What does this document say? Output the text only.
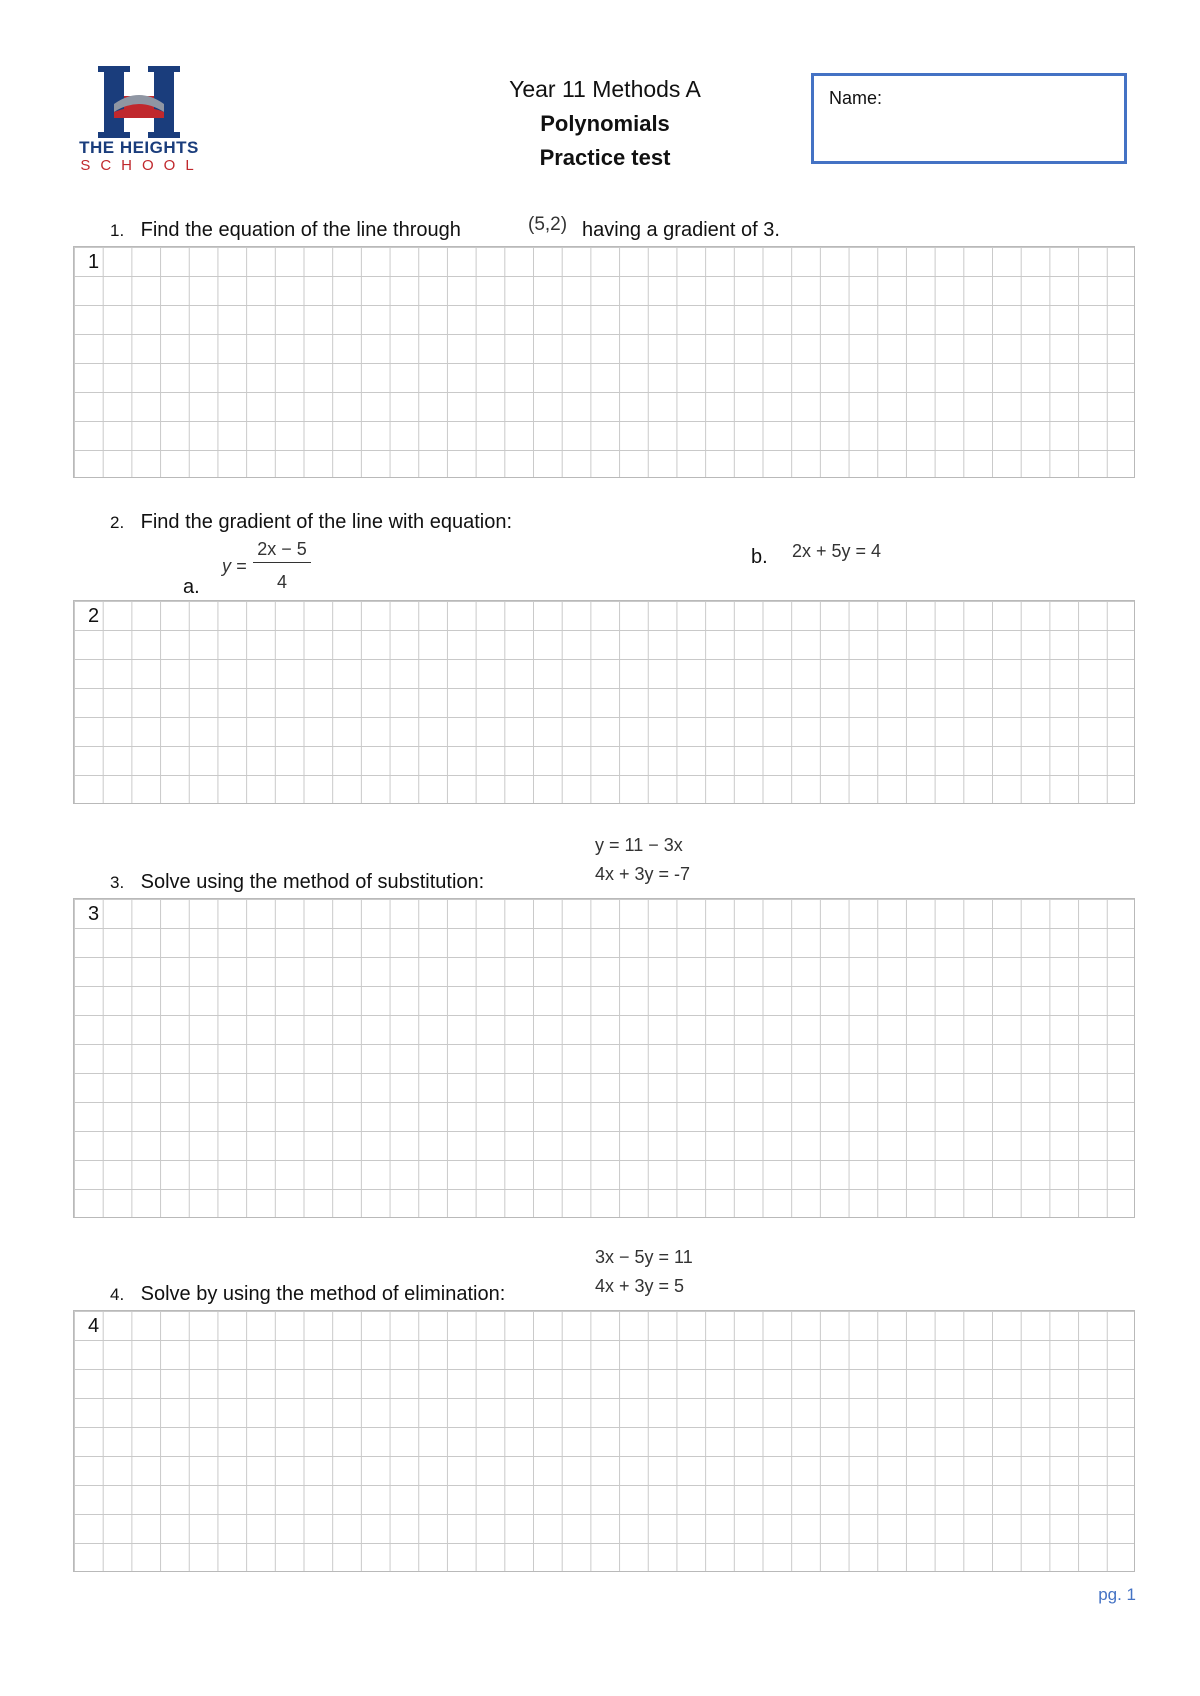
THE HEIGHTS
SCHOOL
Year 11 Methods A
Polynomials
Practice test
Name:
1. Find the equation of the line through	(5,2) having a gradient of 3.
1
2. Find the gradient of the line with equation:
a.
y =
2x − 5
4
b. 2x + 5y = 4
2
y = 11 − 3x
4x + 3y = -7
3. Solve using the method of substitution:
3
3x − 5y = 11
4x + 3y = 5
4. Solve by using the method of elimination:
4
pg. 1
